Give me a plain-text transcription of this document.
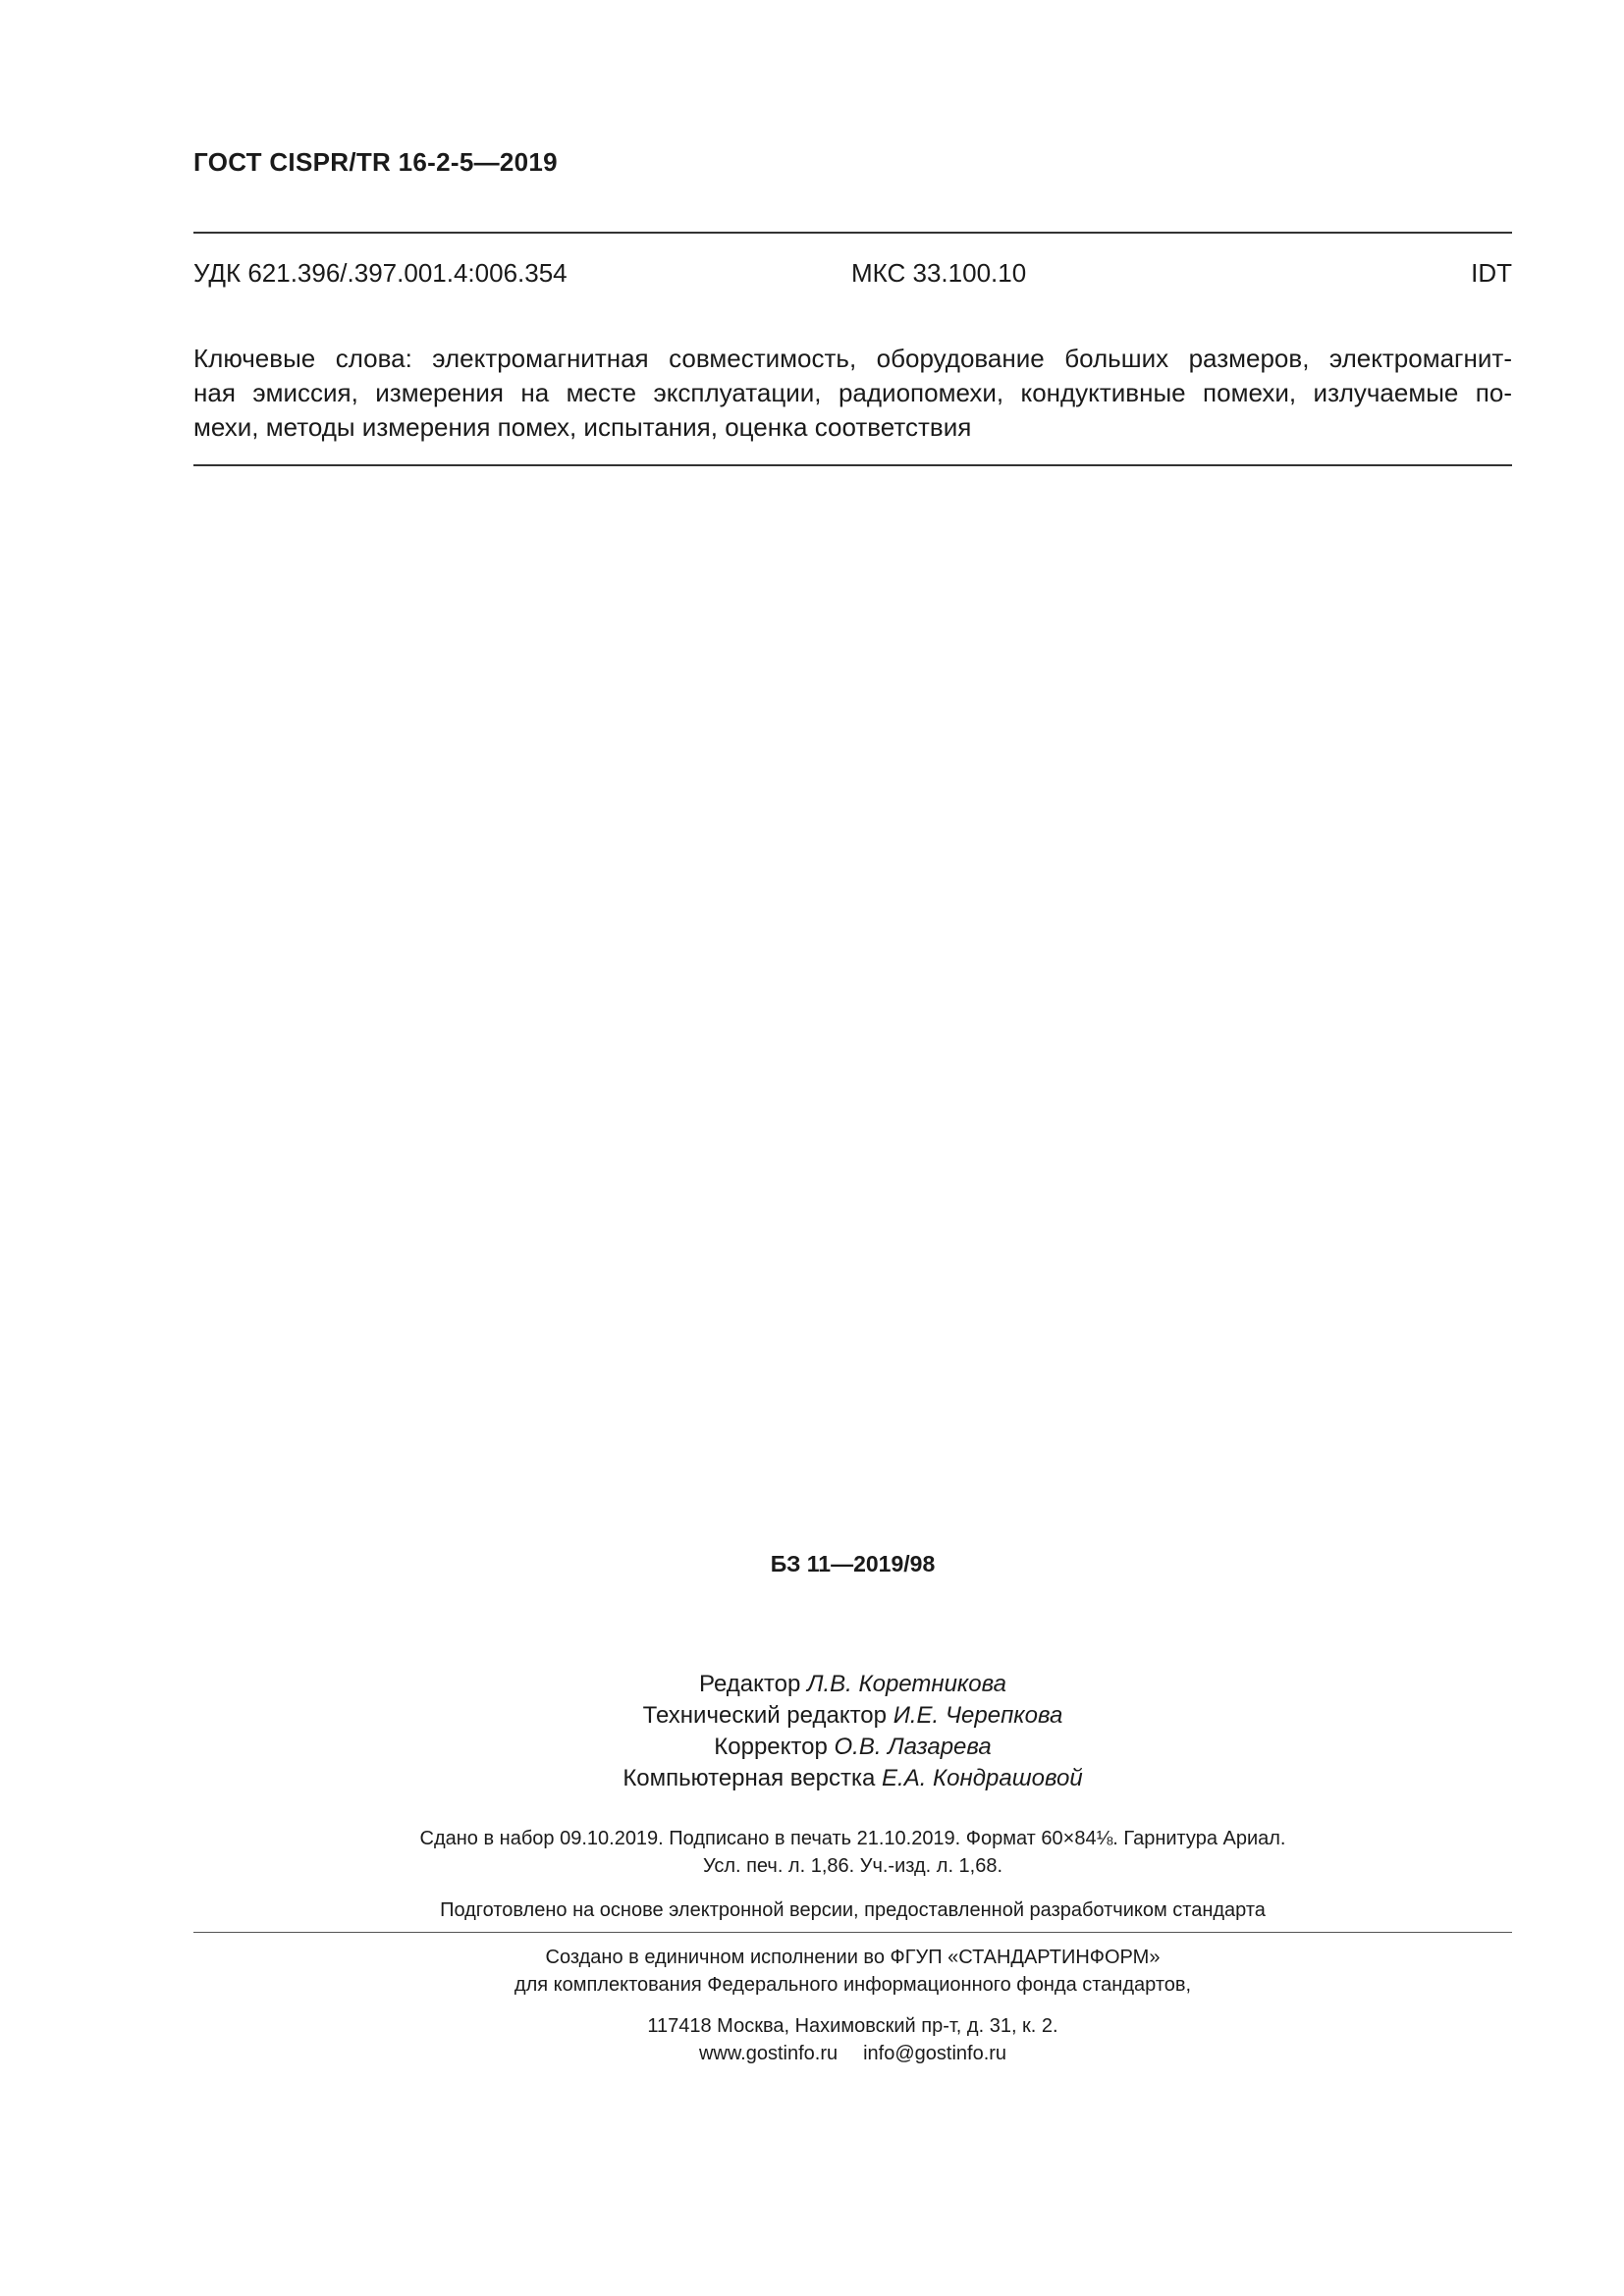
ГОСТ CISPR/TR 16-2-5—2019
УДК 621.396/.397.001.4:006.354	МКС 33.100.10	IDT
Ключевые слова: электромагнитная совместимость, оборудование больших размеров, электромагнит-
ная эмиссия, измерения на месте эксплуатации, радиопомехи, кондуктивные помехи, излучаемые по-
мехи, методы измерения помех, испытания, оценка соответствия
БЗ 11—2019/98
Редактор Л.В. Коретникова
Технический редактор И.Е. Черепкова
Корректор О.В. Лазарева
Компьютерная верстка Е.А. Кондрашовой
Сдано в набор 09.10.2019. Подписано в печать 21.10.2019. Формат 60×84⅛. Гарнитура Ариал.
Усл. печ. л. 1,86. Уч.-изд. л. 1,68.
Подготовлено на основе электронной версии, предоставленной разработчиком стандарта
Создано в единичном исполнении во ФГУП «СТАНДАРТИНФОРМ»
для комплектования Федерального информационного фонда стандартов,
117418 Москва, Нахимовский пр-т, д. 31, к. 2.
www.gostinfo.ru info@gostinfo.ru
